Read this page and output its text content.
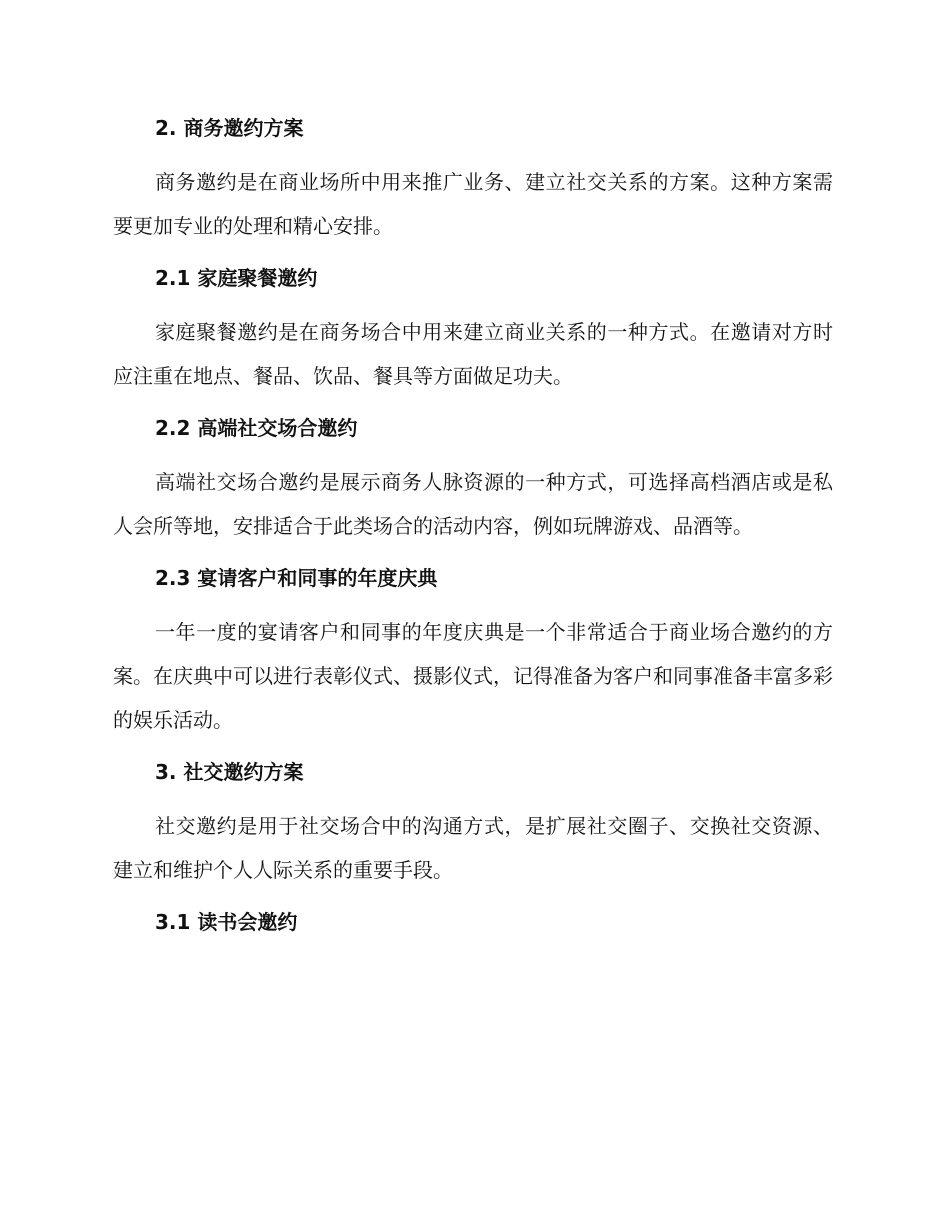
2. 商务邀约方案

商务邀约是在商业场所中用来推广业务、建立社交关系的方案。这种方案需要更加专业的处理和精心安排。

2.1 家庭聚餐邀约

家庭聚餐邀约是在商务场合中用来建立商业关系的一种方式。在邀请对方时应注重在地点、餐品、饮品、餐具等方面做足功夫。

2.2 高端社交场合邀约

高端社交场合邀约是展示商务人脉资源的一种方式，可选择高档酒店或是私人会所等地，安排适合于此类场合的活动内容，例如玩牌游戏、品酒等。

2.3 宴请客户和同事的年度庆典

一年一度的宴请客户和同事的年度庆典是一个非常适合于商业场合邀约的方案。在庆典中可以进行表彰仪式、摄影仪式，记得准备为客户和同事准备丰富多彩的娱乐活动。

3. 社交邀约方案

社交邀约是用于社交场合中的沟通方式，是扩展社交圈子、交换社交资源、建立和维护个人人际关系的重要手段。

3.1 读书会邀约
